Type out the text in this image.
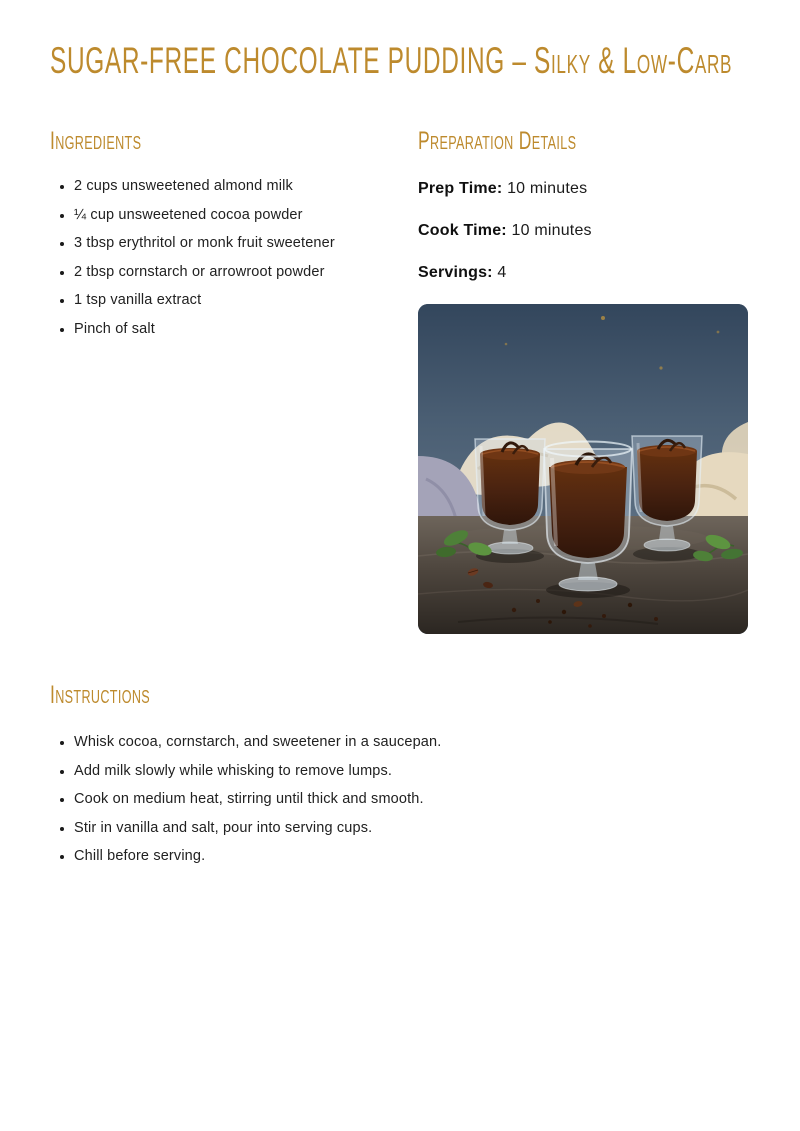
SUGAR-FREE CHOCOLATE PUDDING – Silky & Low-Carb
Ingredients
• 2 cups unsweetened almond milk
• ¼ cup unsweetened cocoa powder
• 3 tbsp erythritol or monk fruit sweetener
• 2 tbsp cornstarch or arrowroot powder
• 1 tsp vanilla extract
• Pinch of salt
Preparation Details

Prep Time: 10 minutes

Cook Time: 10 minutes

Servings: 4

Instructions
• Whisk cocoa, cornstarch, and sweetener in a saucepan.
• Add milk slowly while whisking to remove lumps.
• Cook on medium heat, stirring until thick and smooth.
• Stir in vanilla and salt, pour into serving cups.
• Chill before serving.
